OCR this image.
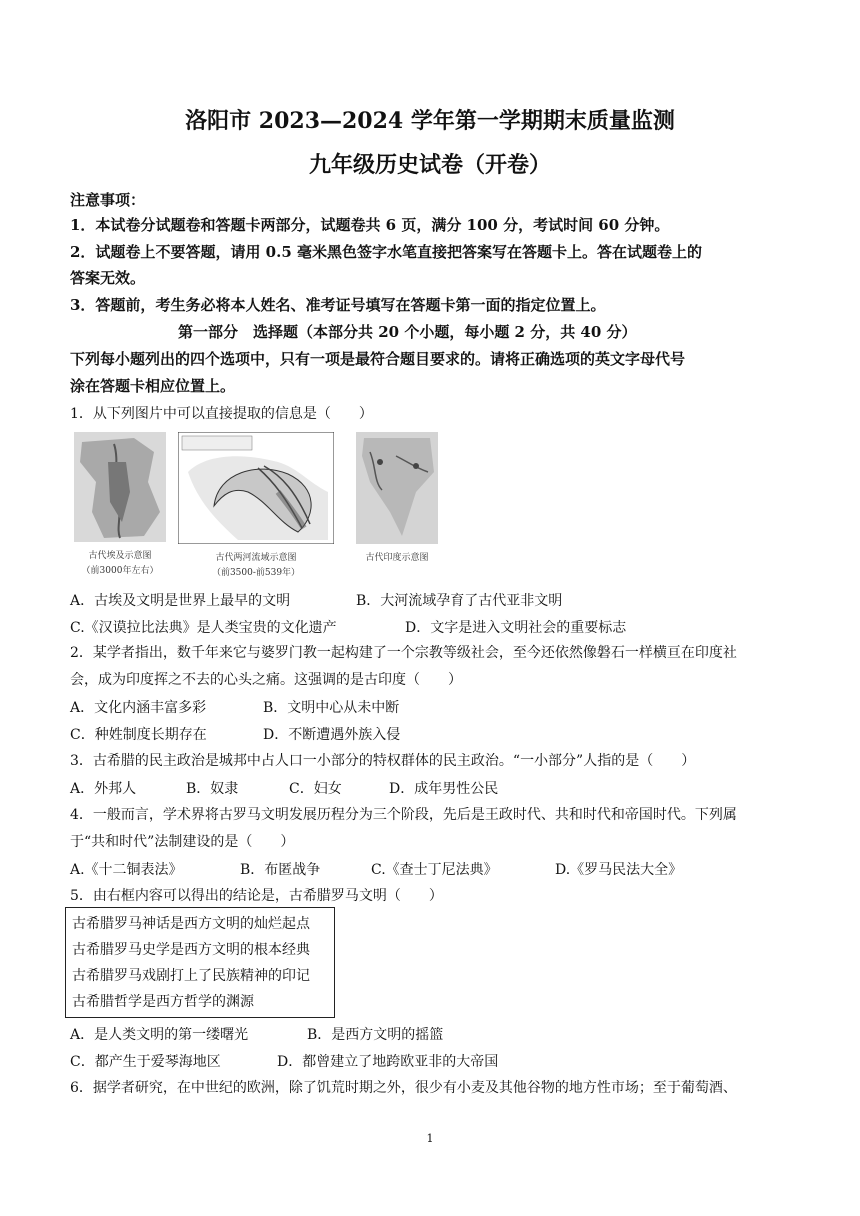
洛阳市 2023—2024 学年第一学期期末质量监测
九年级历史试卷（开卷）
注意事项：
1．本试卷分试题卷和答题卡两部分，试题卷共 6 页，满分 100 分，考试时间 60 分钟。
2．试题卷上不要答题，请用 0.5 毫米黑色签字水笔直接把答案写在答题卡上。答在试题卷上的
答案无效。
3．答题前，考生务必将本人姓名、准考证号填写在答题卡第一面的指定位置上。
第一部分　选择题（本部分共 20 个小题，每小题 2 分，共 40 分）
下列每小题列出的四个选项中，只有一项是最符合题目要求的。请将正确选项的英文字母代号
涂在答题卡相应位置上。
1．从下列图片中可以直接提取的信息是（　　）
古代埃及示意图
（前3000年左右）
古代两河流域示意图
（前3500-前539年）
古代印度示意图
A．古埃及文明是世界上最早的文明	B．大河流域孕育了古代亚非文明
C.《汉谟拉比法典》是人类宝贵的文化遗产	D．文字是进入文明社会的重要标志
2．某学者指出，数千年来它与婆罗门教一起构建了一个宗教等级社会，至今还依然像磐石一样横亘在印度社
会，成为印度挥之不去的心头之痛。这强调的是古印度（　　）
A．文化内涵丰富多彩	B．文明中心从未中断
C．种姓制度长期存在	D．不断遭遇外族入侵
3．古希腊的民主政治是城邦中占人口一小部分的特权群体的民主政治。“一小部分”人指的是（　　）
A．外邦人	B．奴隶	C．妇女	D．成年男性公民
4．一般而言，学术界将古罗马文明发展历程分为三个阶段，先后是王政时代、共和时代和帝国时代。下列属
于“共和时代”法制建设的是（　　）
A.《十二铜表法》	B．布匿战争	C.《查士丁尼法典》	D.《罗马民法大全》
5．由右框内容可以得出的结论是，古希腊罗马文明（　　）
古希腊罗马神话是西方文明的灿烂起点
古希腊罗马史学是西方文明的根本经典
古希腊罗马戏剧打上了民族精神的印记
古希腊哲学是西方哲学的渊源
A．是人类文明的第一缕曙光	B．是西方文明的摇篮
C．都产生于爱琴海地区	D．都曾建立了地跨欧亚非的大帝国
6．据学者研究，在中世纪的欧洲，除了饥荒时期之外，很少有小麦及其他谷物的地方性市场；至于葡萄酒、
1
